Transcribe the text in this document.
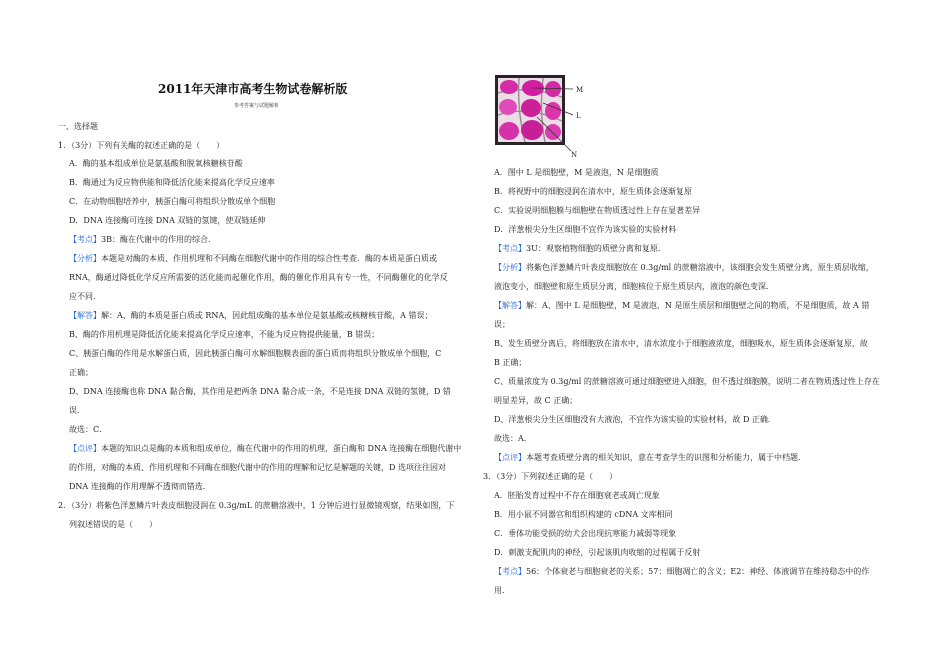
2011年天津市高考生物试卷解析版
参考答案与试题解析
一、选择题
1．（3分）下列有关酶的叙述正确的是（　　）
A．酶的基本组成单位是氨基酸和脱氧核糖核苷酸
B．酶通过为反应物供能和降低活化能来提高化学反应速率
C．在动物细胞培养中，胰蛋白酶可将组织分散成单个细胞
D．DNA 连接酶可连接 DNA 双链的氢键，使双链延伸
【考点】3B：酶在代谢中的作用的综合．
【分析】本题是对酶的本质、作用机理和不同酶在细胞代谢中的作用的综合性考查．酶的本质是蛋白质或
RNA，酶通过降低化学反应所需要的活化能而起催化作用，酶的催化作用具有专一性，不同酶催化的化学反
应不同．
【解答】解：A、酶的本质是蛋白质或 RNA，因此组成酶的基本单位是氨基酸或核糖核苷酸，A 错误；
B、酶的作用机理是降低活化能来提高化学反应速率，不能为反应物提供能量，B 错误；
C、胰蛋白酶的作用是水解蛋白质，因此胰蛋白酶可水解细胞膜表面的蛋白质而将组织分散成单个细胞，C
正确；
D、DNA 连接酶也称 DNA 黏合酶，其作用是把两条 DNA 黏合成一条，不是连接 DNA 双链的氢键，D 错
误．
故选：C．
【点评】本题的知识点是酶的本质和组成单位，酶在代谢中的作用的机理，蛋白酶和 DNA 连接酶在细胞代谢中
的作用，对酶的本质、作用机理和不同酶在细胞代谢中的作用的理解和记忆是解题的关键，D 选项往往因对
DNA 连接酶的作用理解不透彻而错选．
2．（3分）将紫色洋葱鳞片叶表皮细胞浸润在 0.3g/mL 的蔗糖溶液中，1 分钟后进行显微镜观察，结果如图，下
列叙述错误的是（　　）
M
L
N
A．图中 L 是细胞壁，M 是液泡，N 是细胞质
B．将视野中的细胞浸润在清水中，原生质体会逐渐复原
C．实验说明细胞膜与细胞壁在物质透过性上存在显著差异
D．洋葱根尖分生区细胞不宜作为该实验的实验材料
【考点】3U：观察植物细胞的质壁分离和复原．
【分析】将紫色洋葱鳞片叶表皮细胞放在 0.3g/ml 的蔗糖溶液中，该细胞会发生质壁分离，原生质层收缩，
液泡变小，细胞壁和原生质层分离，细胞核位于原生质层内，液泡的颜色变深．
【解答】解：A、图中 L 是细胞壁，M 是液泡，N 是原生质层和细胞壁之间的物质，不是细胞质，故 A 错
误；
B、发生质壁分离后，将细胞放在清水中，清水浓度小于细胞液浓度，细胞吸水，原生质体会逐渐复原，故
B 正确；
C、质量浓度为 0.3g/ml 的蔗糖溶液可通过细胞壁进入细胞，但不透过细胞膜，说明二者在物质透过性上存在
明显差异，故 C 正确；
D、洋葱根尖分生区细胞没有大液泡，不宜作为该实验的实验材料，故 D 正确．
故选：A．
【点评】本题考查质壁分离的相关知识，意在考查学生的识图和分析能力，属于中档题．
3．（3分）下列叙述正确的是（　　）
A．胚胎发育过程中不存在细胞衰老或凋亡现象
B．用小鼠不同器官和组织构建的 cDNA 文库相同
C．垂体功能受损的幼犬会出现抗寒能力减弱等现象
D．刺激支配肌肉的神经，引起该肌肉收缩的过程属于反射
【考点】56：个体衰老与细胞衰老的关系；57：细胞凋亡的含义；E2：神经、体液调节在维持稳态中的作
用．
